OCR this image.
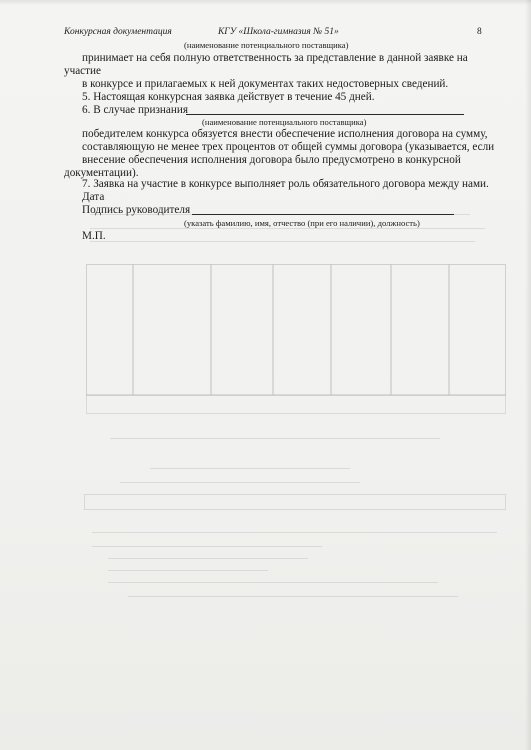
Конкурсная документация	КГУ «Школа-гимназия № 51»	8
(наименование потенциального поставщика)
принимает на себя полную ответственность за представление в данной заявке на
участие
в конкурсе и прилагаемых к ней документах таких недостоверных сведений.
5. Настоящая конкурсная заявка действует в течение 45 дней.
6. В случае признания
(наименование потенциального поставщика)
победителем конкурса обязуется внести обеспечение исполнения договора на сумму,
составляющую не менее трех процентов от общей суммы договора (указывается, если
внесение обеспечения исполнения договора было предусмотрено в конкурсной
документации).
7. Заявка на участие в конкурсе выполняет роль обязательного договора между нами.
Дата
Подпись руководителя
(указать фамилию, имя, отчество (при его наличии), должность)
М.П.
